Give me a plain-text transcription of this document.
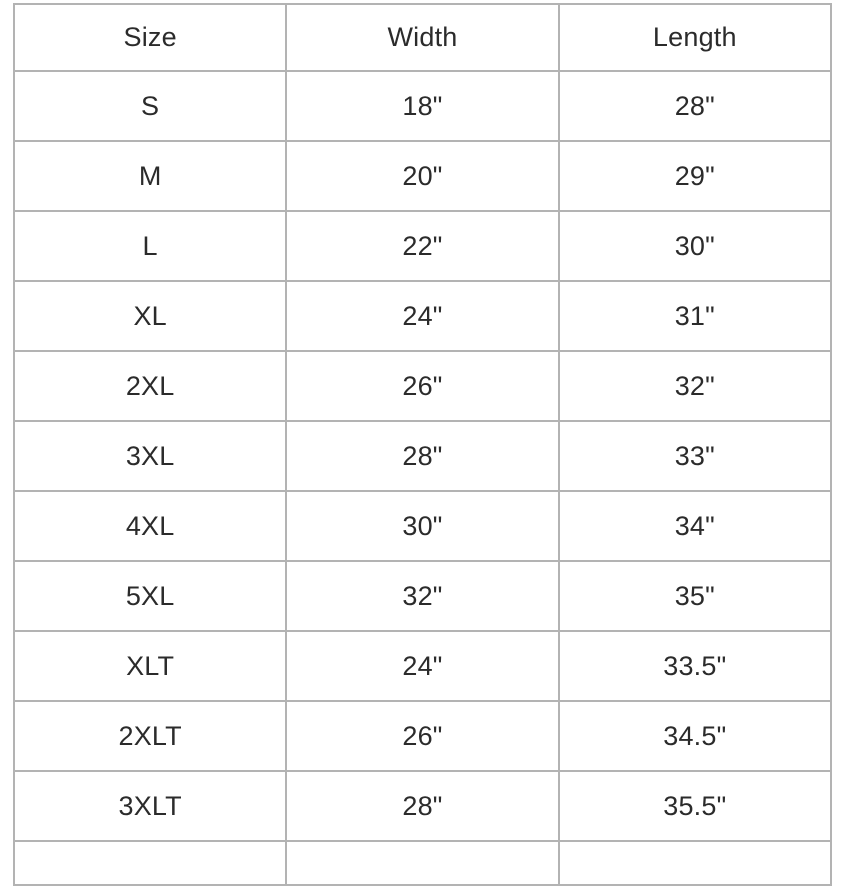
Size	Width	Length
S	18"	28"
M	20"	29"
L	22"	30"
XL	24"	31"
2XL	26"	32"
3XL	28"	33"
4XL	30"	34"
5XL	32"	35"
XLT	24"	33.5"
2XLT	26"	34.5"
3XLT	28"	35.5"
